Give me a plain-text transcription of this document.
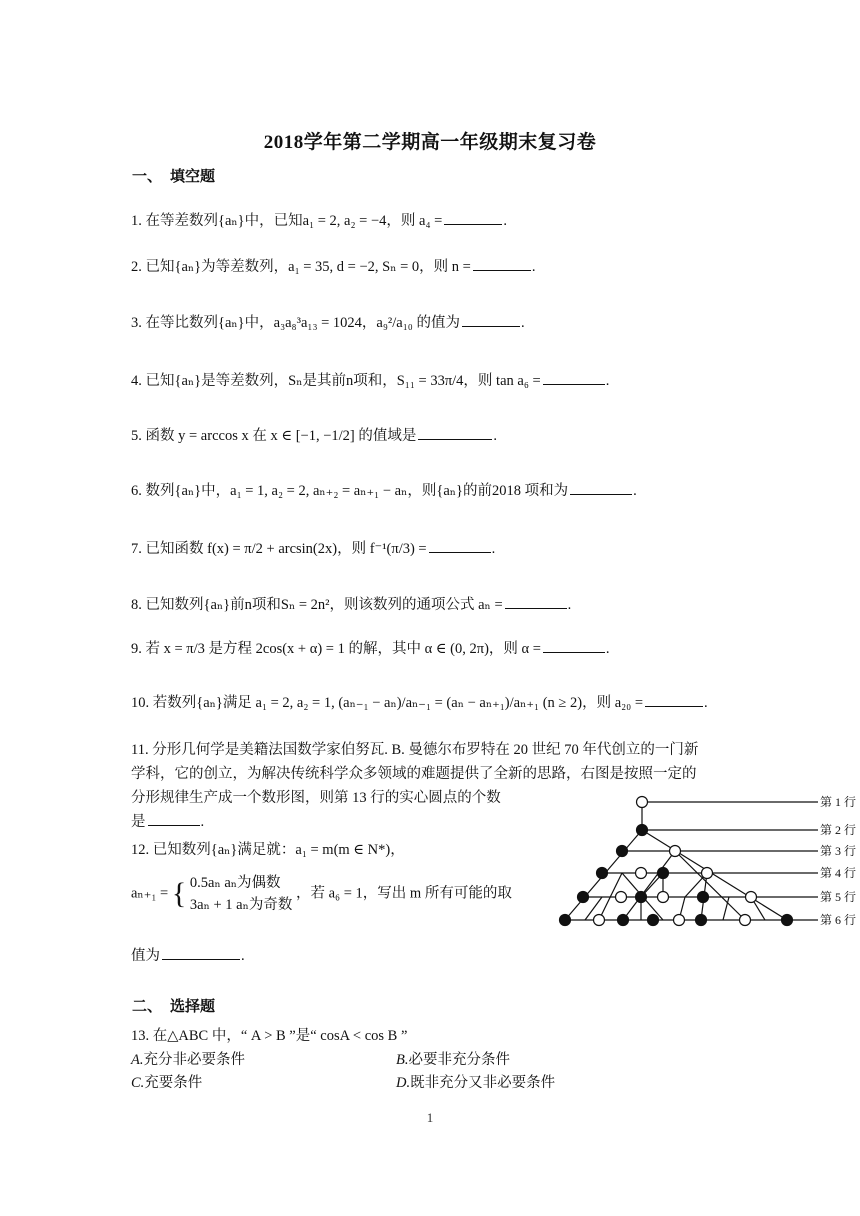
2018学年第二学期高一年级期末复习卷
一、 填空题
1. 在等差数列{aₙ}中，已知a₁ = 2, a₂ = −4，则 a₄ =	.
2. 已知{aₙ}为等差数列，a₁ = 35, d = −2, Sₙ = 0，则 n =	.
3. 在等比数列{aₙ}中，a₃a₈³a₁₃ = 1024，a₉²/a₁₀ 的值为	.
4. 已知{aₙ}是等差数列，Sₙ是其前n项和，S₁₁ = 33π/4，则 tan a₆ =	.
5. 函数 y = arccos x 在 x ∈ [−1, −1/2] 的值域是	.
6. 数列{aₙ}中，a₁ = 1, a₂ = 2, aₙ₊₂ = aₙ₊₁ − aₙ，则{aₙ}的前2018 项和为	.
7. 已知函数 f(x) = π/2 + arcsin(2x)，则 f⁻¹(π/3) =	.
8. 已知数列{aₙ}前n项和Sₙ = 2n²，则该数列的通项公式 aₙ =	.
9. 若 x = π/3 是方程 2cos(x + α) = 1 的解，其中 α ∈ (0, 2π)，则 α =	.
10. 若数列{aₙ}满足 a₁ = 2, a₂ = 1, (aₙ₋₁ − aₙ)/aₙ₋₁ = (aₙ − aₙ₊₁)/aₙ₊₁ (n ≥ 2)，则 a₂₀ =	.
11. 分形几何学是美籍法国数学家伯努瓦. B. 曼德尔布罗特在 20 世纪 70 年代创立的一门新
学科，它的创立，为解决传统科学众多领域的难题提供了全新的思路，右图是按照一定的
分形规律生产成一个数形图，则第 13 行的实心圆点的个数
是	.
12. 已知数列{aₙ}满足就：a₁ = m(m ∈ N*)，
aₙ₊₁ = { 0.5aₙ aₙ为偶数
3aₙ + 1 aₙ为奇数
，若 a₆ = 1，写出 m 所有可能的取
值为	.
二、 选择题
13. 在△ABC 中，“ A > B ”是“ cosA < cos B ”
A.充分非必要条件	B.必要非充分条件
C.充要条件	D.既非充分又非必要条件
第 1 行
第 2 行
第 3 行
第 4 行
第 5 行
第 6 行
1
